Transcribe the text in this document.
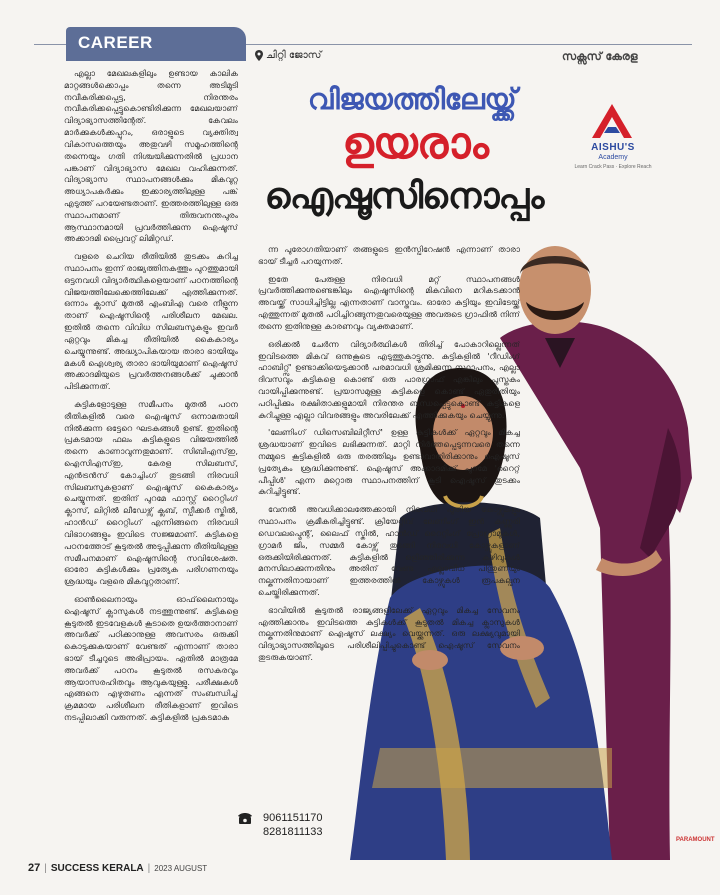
CAREER
ചിറ്റി ജോസ്	സക്സസ് കേരള
വിജയത്തിലേയ്ക്ക്
ഉയരാം
ഐഷൂസിനൊപ്പം
AISHU'S
Academy
Learn Crack Pass · Explore Reach

എല്ലാ മേഖലകളിലും ഉണ്ടായ കാലിക മാറ്റങ്ങൾക്കൊപ്പം തന്നെ അടിമുടി നവീകരിക്കപ്പെട്ട, നിരന്തരം നവീകരിക്കപ്പെട്ടുകൊണ്ടിരിക്കുന്ന മേഖലയാണ് വിദ്യാഭ്യാസത്തിന്റേത്. കേവലം മാർക്കുകൾക്കപ്പുറം, ഒരാളുടെ വ്യക്തിത്വ വികാസത്തെയും അതുവഴി സമൂഹത്തിന്റെ തന്നെയും ഗതി നിശ്ചയിക്കുന്നതിൽ പ്രധാന പങ്കാണ് വിദ്യാഭ്യാസ മേഖല വഹിക്കുന്നത്. വിദ്യാഭ്യാസ സ്ഥാപനങ്ങൾക്കും മികവുറ്റ അധ്യാപകർക്കും ഇക്കാര്യത്തിലുള്ള പങ്ക് എടുത്ത് പറയേണ്ടതാണ്. ഇത്തരത്തിലുള്ള ഒരു സ്ഥാപനമാണ് തിരുവനന്തപുരം ആസ്ഥാനമായി പ്രവർത്തിക്കുന്ന ഐഷൂസ് അക്കാദമി പ്രൈവറ്റ് ലിമിറ്റഡ്.

വളരെ ചെറിയ രീതിയിൽ തുടക്കം കുറിച്ച സ്ഥാപനം ഇന്ന് രാജ്യത്തിനകത്തും പുറത്തുമായി ഒട്ടനവധി വിദ്യാർത്ഥികളെയാണ് പഠനത്തിന്റെ വിജയത്തിലേക്കെത്തിലേക്ക് എത്തിക്കുന്നത്. ഒന്നാം ക്ലാസ് മുതൽ എംബിഎ വരെ നീളുന്ന താണ് ഐഷൂസിന്റെ പരിശീലന മേഖല. ഇതിൽ തന്നെ വിവിധ സിലബസുകളും ഇവർ ഏറ്റവും മികച്ച രീതിയിൽ കൈകാര്യം ചെയ്യുന്നുണ്ട്. അദ്ധ്യാപികയായ താരാ ഭായിയും മകൾ ഐശ്വര്യ താരാ ഭായിയുമാണ് ഐഷൂസ് അക്കാദമിയുടെ പ്രവർത്തനങ്ങൾക്ക് ചുക്കാൻ പിടിക്കുന്നത്.

കുട്ടികളോടുള്ള സമീപനം മുതൽ പഠന രീതികളിൽ വരെ ഐഷൂസ് ഒന്നാമതായി നിൽക്കുന്ന ഒട്ടേറെ ഘടകങ്ങൾ ഉണ്ട്. ഇതിന്റെ പ്രകടമായ ഫലം കുട്ടികളുടെ വിജയത്തിൽ തന്നെ കാണാവുന്നതുമാണ്. സിബിഎസ്ഇ, ഐസിഎസ്ഇ, കേരള സിലബസ്, എൻട്രൻസ് കോച്ചിംഗ് തുടങ്ങി നിരവധി സിലബസുകളാണ് ഐഷൂസ് കൈകാര്യം ചെയ്യുന്നത്. ഇതിന് പുറമേ ഫാസ്റ്റ് റൈറ്റിംഗ് ക്ലാസ്, ലിറ്റിൽ ലീഡേഴ്സ് ക്ലബ്, സ്പീക്കർ സ്കിൽ, ഹാൻഡ് റൈറ്റിംഗ് എന്നിങ്ങനെ നിരവധി വിഭാഗങ്ങളും ഇവിടെ സജ്ജമാണ്. കുട്ടികളെ പഠനത്തോട് കൂടുതൽ അടുപ്പിക്കുന്ന രീതിയിലുള്ള സമീപനമാണ് ഐഷൂസിന്റെ സവിശേഷത. ഓരോ കുട്ടികൾക്കും പ്രത്യേക പരിഗണനയും ശ്രദ്ധയും വളരെ മികവുറ്റതാണ്.

ഓൺലൈനായും ഓഫ്‌ലൈനായും ഐഷൂസ് ക്ലാസുകൾ നടത്തുന്നുണ്ട്. കുട്ടികളെ കൂടുതൽ ഇടവേളകൾ കൂടാതെ ഉയർത്താനാണ് അവർക്ക് പഠിക്കാനുള്ള അവസരം ഒരുക്കി കൊടുക്കുകയാണ് വേണ്ടത് എന്നാണ് താരാ ഭായ് ടീച്ചറുടെ അഭിപ്രായം. ഏതിൽ മാത്രമേ അവർക്ക് പഠനം കൂടുതൽ രസകരവും ആയാസരഹിതവും ആവുകയുള്ളു. പരീക്ഷകൾ എങ്ങനെ എഴുതണം എന്നത് സംബന്ധിച്ച് ക്രമമായ പരിശീലന രീതികളാണ് ഇവിടെ നടപ്പിലാക്കി വരുന്നത്. കുട്ടികളിൽ പ്രകടമാകു

ന്ന പുരോഗതിയാണ് തങ്ങളുടെ ഇൻസ്പിറേഷൻ എന്നാണ് താരാ ഭായ് ടീച്ചർ പറയുന്നത്.

ഇതേ പേരുള്ള നിരവധി മറ്റ് സ്ഥാപനങ്ങൾ പ്രവർത്തിക്കുന്നുണ്ടെങ്കിലും ഐഷൂസിന്റെ മികവിനെ മറികടക്കാൻ അവയ്ക്ക് സാധിച്ചിട്ടില്ല എന്നതാണ് വാസ്തവം. ഓരോ കുട്ടിയും ഇവിടേയ്ക്ക് എത്തുന്നത് മുതൽ പഠിച്ചിറങ്ങുന്നതുവരെയുള്ള അവരുടെ ഗ്രാഫിൽ നിന്ന് തന്നെ ഇതിനുള്ള കാരണവും വ്യക്തമാണ്.

ഒരിക്കൽ ചേർന്ന വിദ്യാർത്ഥികൾ തിരിച്ച് പോകാറില്ലെന്നത് ഇവിടത്തെ മികവ് ഒന്നുകൂടെ എടുത്തുകാട്ടുന്നു. കുട്ടികളിൽ 'റീഡിംഗ് ഹാബിറ്റ്സ്' ഉണ്ടാക്കിയെടുക്കാൻ പരമാവധി ശ്രമിക്കുന്ന സ്ഥാപനം, എല്ലാ ദിവസവും കുട്ടികളെ കൊണ്ട് ഒരു പാരഗ്രാഫ് എങ്കിലും പുസ്തകം വായിപ്പിക്കുന്നുണ്ട്. പ്രയാസമുള്ള കുട്ടികളെ കൊണ്ട് ഏതുരീതിയും പഠിപ്പിക്കും രക്ഷിതാക്കളുമായി നിരന്തര ബന്ധപ്പെട്ടുകൊണ്ട് കുട്ടികളെ കുറിച്ചുള്ള എല്ലാ വിവരങ്ങളും അവരിലേക്ക് എത്തിക്കുകയും ചെയ്യുന്നു.

'ലേണിംഗ് ഡിസെബിലിറ്റീസ്' ഉള്ള കുട്ടികൾക്ക് ഏറ്റവും മികച്ച ശ്രദ്ധയാണ് ഇവിടെ ലഭിക്കുന്നത്. മാറ്റി നിർത്തപ്പെടുന്നവരെ തന്നെ നമ്മുടെ കൂട്ടികളിൽ ഒരു തരത്തിലും ഉണ്ടാവാതിരിക്കാനും ഐഷൂസ് പ്രത്യേകം ശ്രദ്ധിക്കുന്നുണ്ട്. ഐഷൂസ് അക്കാദമിക്ക് പുറമേ 'റൈറ്റ് പീപ്പിൾ' എന്ന മറ്റൊരു സ്ഥാപനത്തിന് കൂടി ഐഷൂസ് തുടക്കം കുറിച്ചിട്ടുണ്ട്.

വേനൽ അവധിക്കാലത്തേക്കായി നിരവധി പുതിയ കോഴ്സുകളും സ്ഥാപനം ക്രമീകരിച്ചിട്ടുണ്ട്. ക്രിയേറ്റീവ് ലേണിംഗ് ഇൻ കണ്ണൂരി ഡെവലപ്മെന്റ്, ലൈഫ് സ്കിൽ, ഹാൻഡ് റൈറ്റിംഗ് പ്രോഗ്രാമുകൾ, ഗ്രാമർ ജിം, സമ്മർ കോഴ്സ് തുടങ്ങി നിരവധി കോഴ്സുകളാണ് ഒരുക്കിയിരിക്കുന്നത്. കുട്ടികളിൽ ഒളിഞ്ഞിരിക്കുന്ന കഴിവുകൾ മനസിലാക്കുന്നതിനും അതിന് വേണ്ട എല്ലാവിധ പിന്തുണയും നല്കുന്നതിനായാണ് ഇത്തരത്തിൽ കോഴ്സുകൾ രൂപകല്പന ചെയ്തിരിക്കുന്നത്.

ഭാവിയിൽ കൂടുതൽ രാജ്യങ്ങളിലേക്ക് ഏറ്റവും മികച്ച സേവനം എത്തിക്കാനും ഇവിടത്തെ കുട്ടികൾക്ക് കൂടുതൽ മികച്ച ക്ലാസുകൾ നല്കുന്നതിനുമാണ് ഐഷൂസ് ലക്ഷ്യം വെയ്ക്കുന്നത്. ഒരു ലക്ഷ്യവുമായി വിദ്യാഭ്യാസത്തിലൂടെ പരിശീലിപ്പിച്ചുകൊണ്ട് ഐഷൂസ് സേവനം തുടരുകയാണ്.

9061151170
8281811133
27 | SUCCESS KERALA | 2023 AUGUST
PARAMOUNT
